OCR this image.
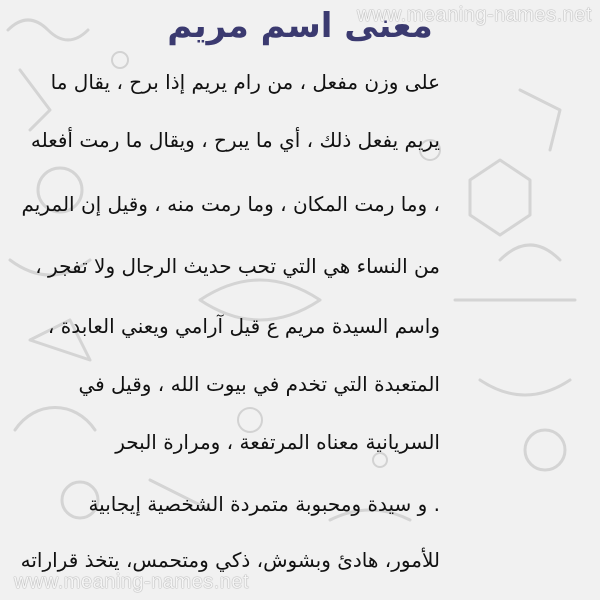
www.meaning-names.net
معنى اسم مريم
على وزن مفعل ، من رام يريم إذا برح ، يقال ما
يريم يفعل ذلك ، أي ما يبرح ، ويقال ما رمت أفعله
، وما رمت المكان ، وما رمت منه ، وقيل إن المريم
من النساء هي التي تحب حديث الرجال ولا تفجر ،
واسم السيدة مريم ع قيل آرامي ويعني العابدة ،
المتعبدة التي تخدم في بيوت الله ، وقيل في
السريانية معناه المرتفعة ، ومرارة البحر
. و سيدة ومحبوبة متمردة الشخصية إيجابية
للأمور، هادئ وبشوش، ذكي ومتحمس، يتخذ قراراته
www.meaning-names.net
